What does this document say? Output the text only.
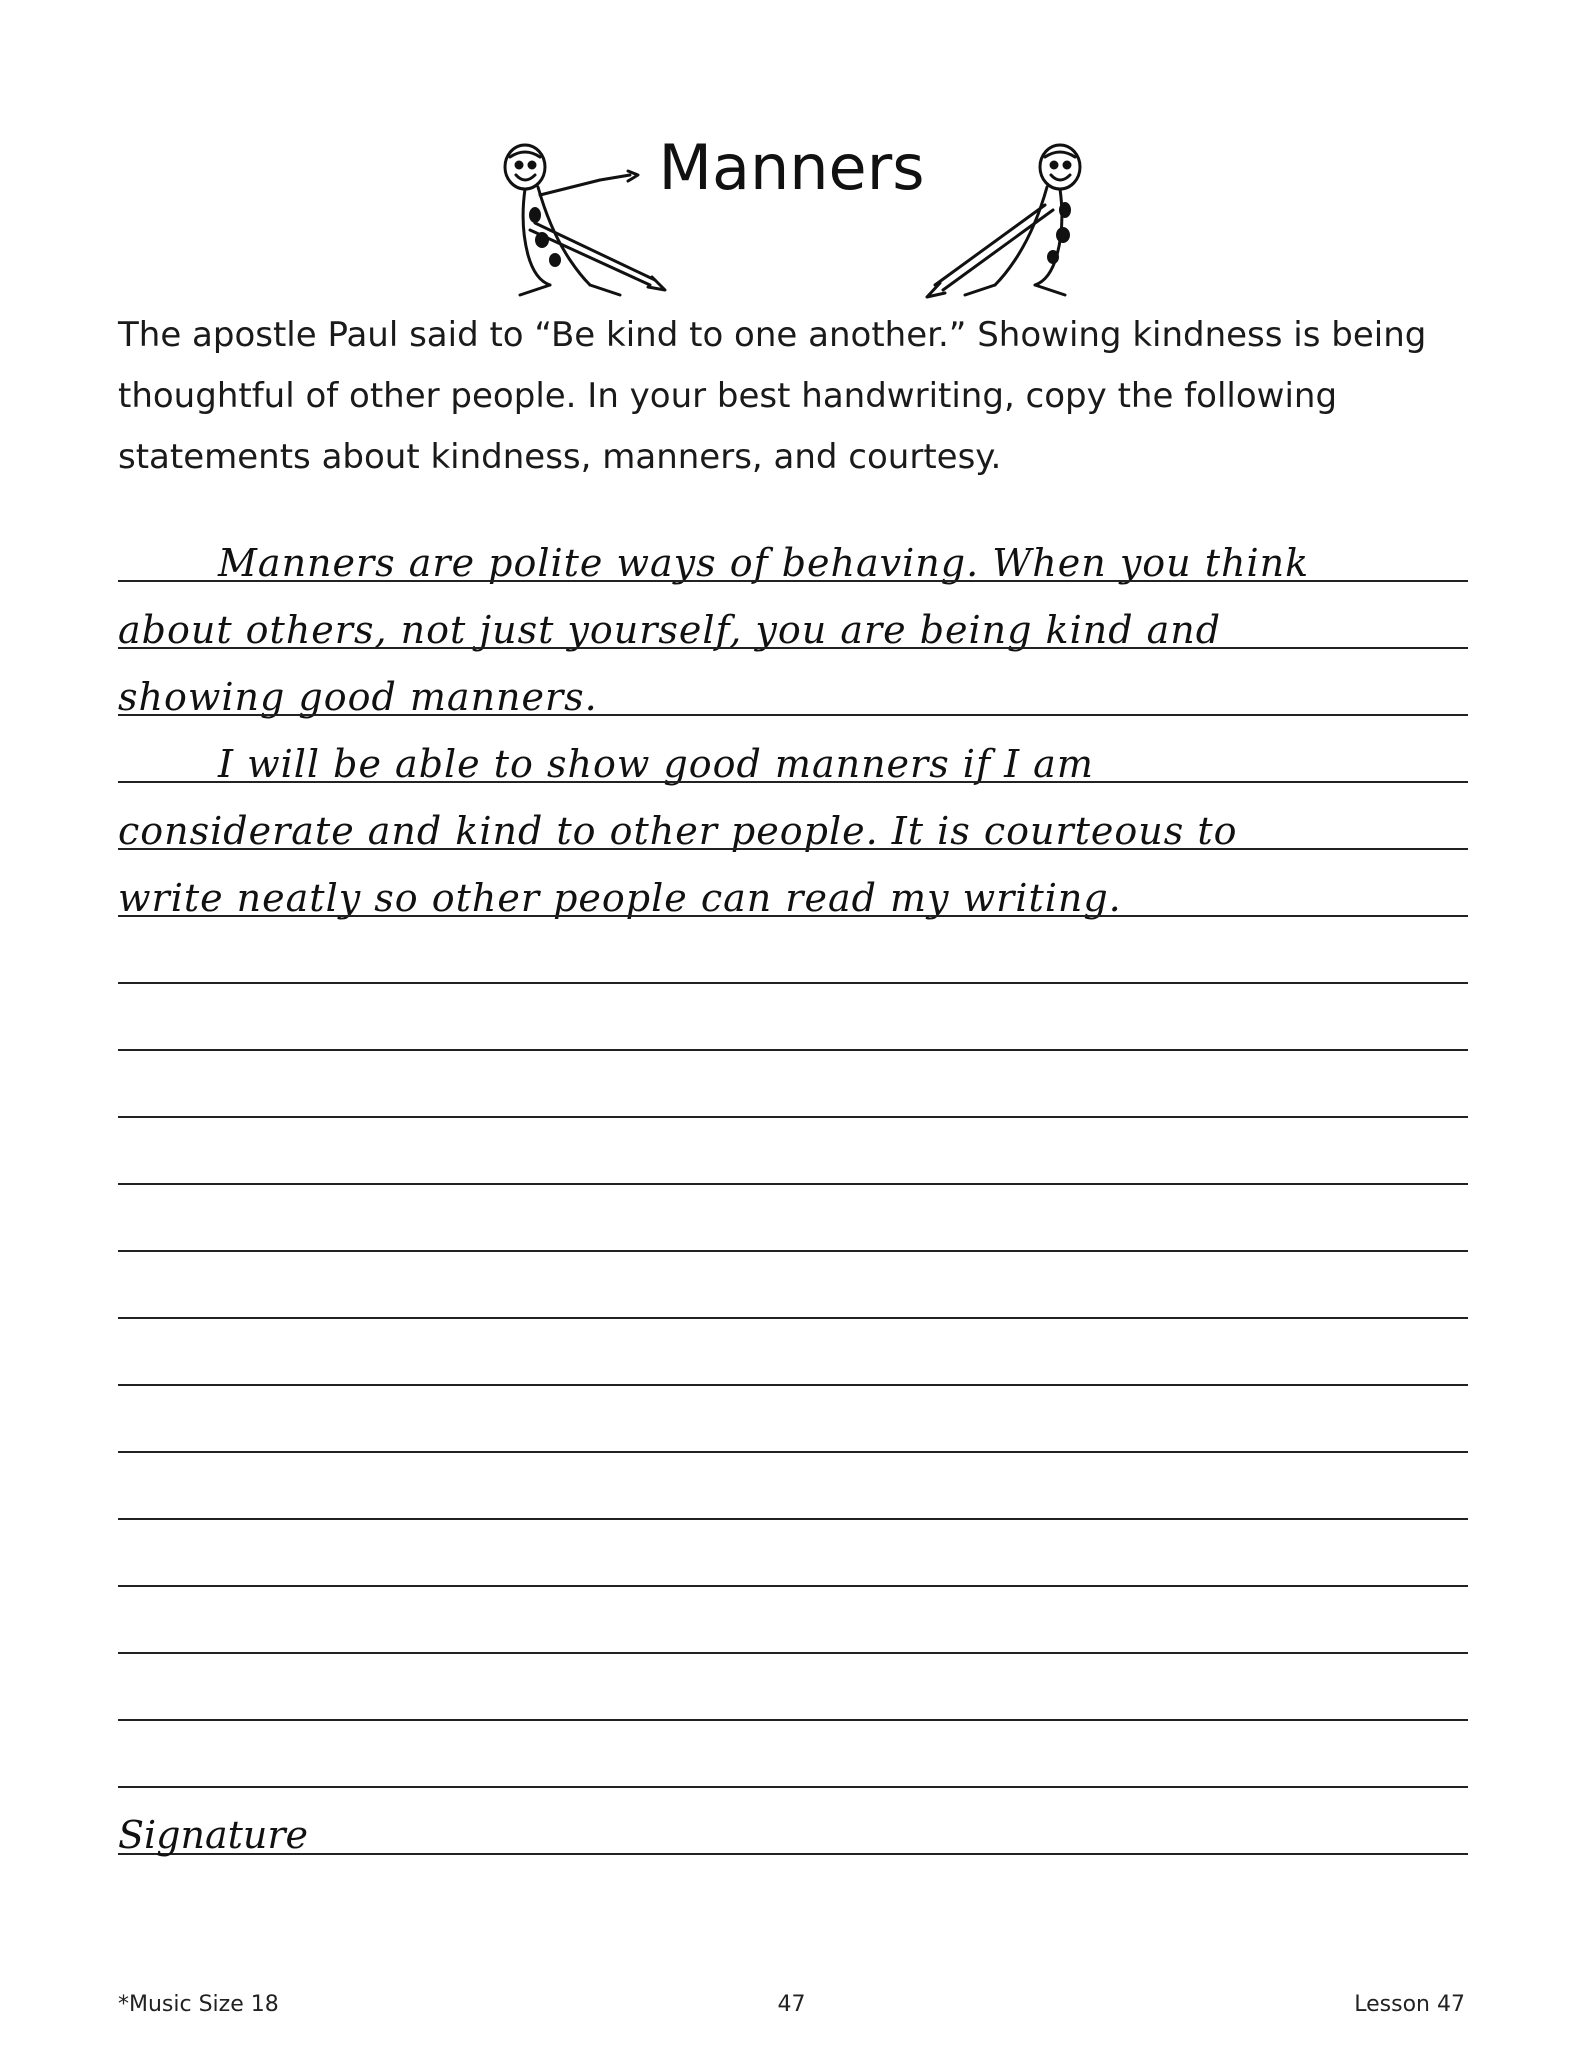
Manners

The apostle Paul said to “Be kind to one another.” Showing kindness is being thoughtful of other people. In your best handwriting, copy the following statements about kindness, manners, and courtesy.

Manners are polite ways of behaving. When you think
about others, not just yourself, you are being kind and
showing good manners.
I will be able to show good manners if I am
considerate and kind to other people. It is courteous to
write neatly so other people can read my writing.
Signature
*Music Size 18	47	Lesson 47
